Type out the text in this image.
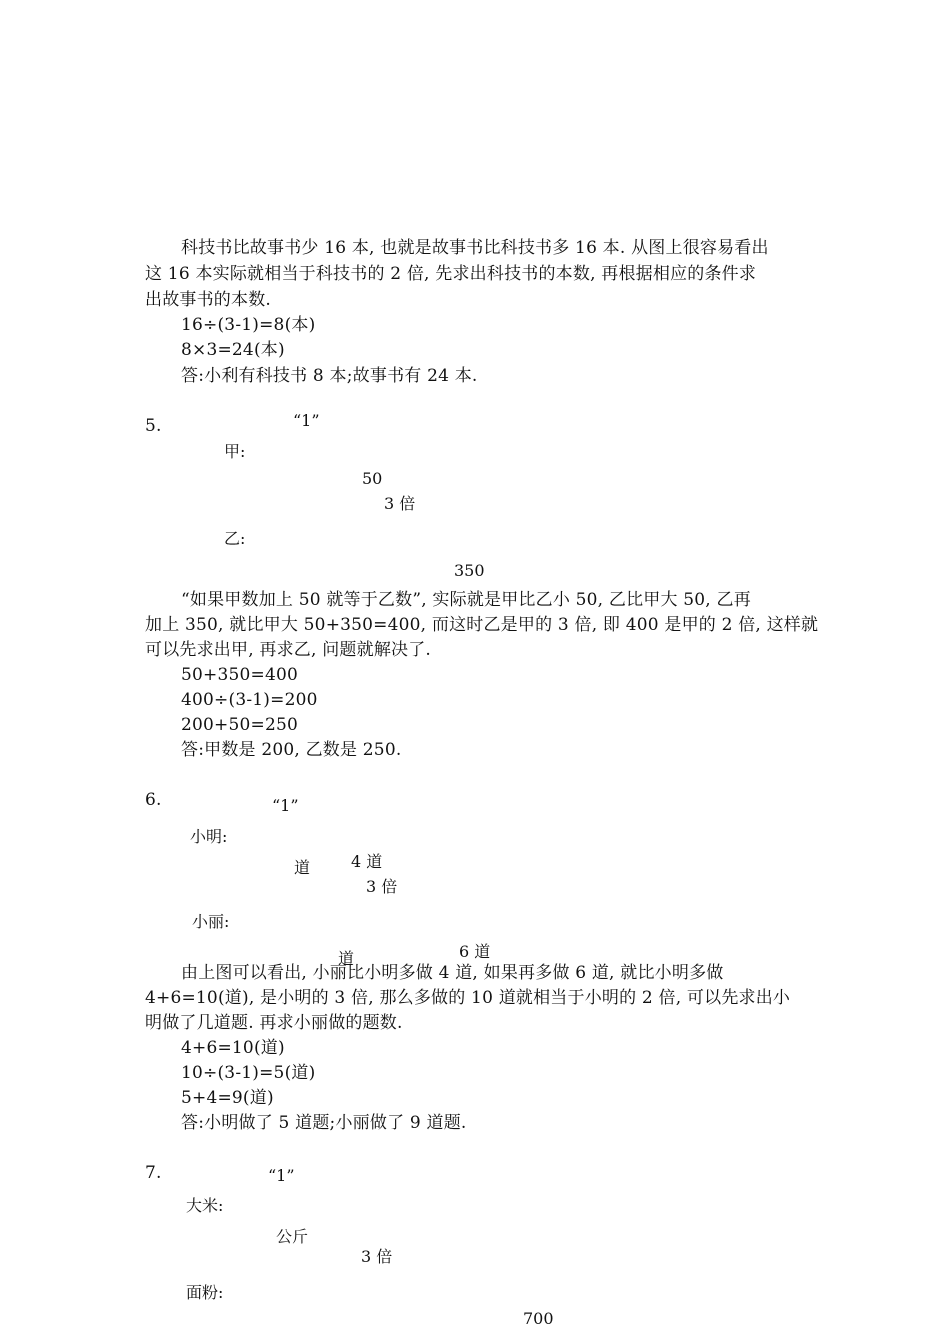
科技书比故事书少 16 本, 也就是故事书比科技书多 16 本. 从图上很容易看出
这 16 本实际就相当于科技书的 2 倍, 先求出科技书的本数, 再根据相应的条件求
出故事书的本数.
16÷(3-1)=8(本)
8×3=24(本)
答:小利有科技书 8 本;故事书有 24 本.
5.	“1”
甲:
50
3 倍
乙:
350
“如果甲数加上 50 就等于乙数”, 实际就是甲比乙小 50, 乙比甲大 50, 乙再
加上 350, 就比甲大 50+350=400, 而这时乙是甲的 3 倍, 即 400 是甲的 2 倍, 这样就
可以先求出甲, 再求乙, 问题就解决了.
50+350=400
400÷(3-1)=200
200+50=250
答:甲数是 200, 乙数是 250.
6.	“1”
小明:
道	4 道
3 倍
小丽:
道	6 道
由上图可以看出, 小丽比小明多做 4 道, 如果再多做 6 道, 就比小明多做
4+6=10(道), 是小明的 3 倍, 那么多做的 10 道就相当于小明的 2 倍, 可以先求出小
明做了几道题. 再求小丽做的题数.
4+6=10(道)
10÷(3-1)=5(道)
5+4=9(道)
答:小明做了 5 道题;小丽做了 9 道题.
7.	“1”
大米:
公斤
3 倍
面粉:
700
